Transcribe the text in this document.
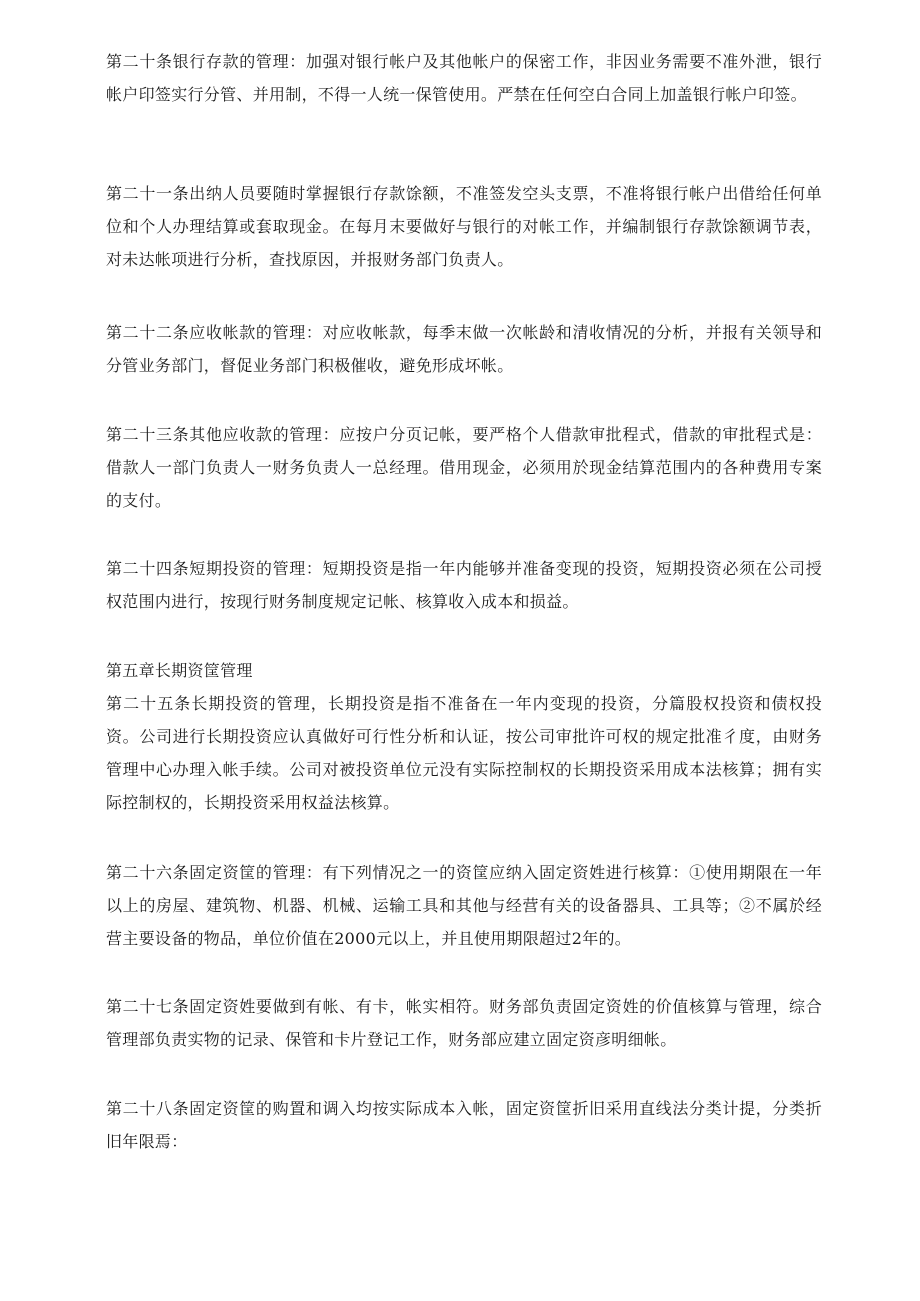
第二十条银行存款的管理：加强对银行帐户及其他帐户的保密工作，非因业务需要不准外泄，银行帐户印签实行分管、并用制，不得一人统一保管使用。严禁在任何空白合同上加盖银行帐户印签。

第二十一条出纳人员要随时掌握银行存款馀额，不准签发空头支票，不准将银行帐户出借给任何单位和个人办理结算或套取现金。在每月末要做好与银行的对帐工作，并编制银行存款馀额调节表，对未达帐项进行分析，查找原因，并报财务部门负责人。

第二十二条应收帐款的管理：对应收帐款，每季末做一次帐龄和清收情况的分析，并报有关领导和分管业务部门，督促业务部门积极催收，避免形成坏帐。

第二十三条其他应收款的管理：应按户分页记帐，要严格个人借款审批程式，借款的审批程式是：借款人一部门负责人一财务负责人一总经理。借用现金，必须用於现金结算范围内的各种费用专案的支付。

第二十四条短期投资的管理：短期投资是指一年内能够并准备变现的投资，短期投资必须在公司授权范围内进行，按现行财务制度规定记帐、核算收入成本和损益。

第五章长期资筐管理

第二十五条长期投资的管理，长期投资是指不准备在一年内变现的投资，分篇股权投资和债权投资。公司进行长期投资应认真做好可行性分析和认证，按公司审批许可权的规定批准彳度，由财务管理中心办理入帐手续。公司对被投资单位元没有实际控制权的长期投资采用成本法核算；拥有实际控制权的，长期投资采用权益法核算。

第二十六条固定资筐的管理：有下列情况之一的资筐应纳入固定资姓进行核算：①使用期限在一年以上的房屋、建筑物、机器、机械、运输工具和其他与经营有关的设备器具、工具等；②不属於经营主要设备的物品，单位价值在2000元以上，并且使用期限超过2年的。

第二十七条固定资姓要做到有帐、有卡，帐实相符。财务部负责固定资姓的价值核算与管理，综合管理部负责实物的记录、保管和卡片登记工作，财务部应建立固定资彦明细帐。

第二十八条固定资筐的购置和调入均按实际成本入帐，固定资筐折旧采用直线法分类计提，分类折旧年限焉：
